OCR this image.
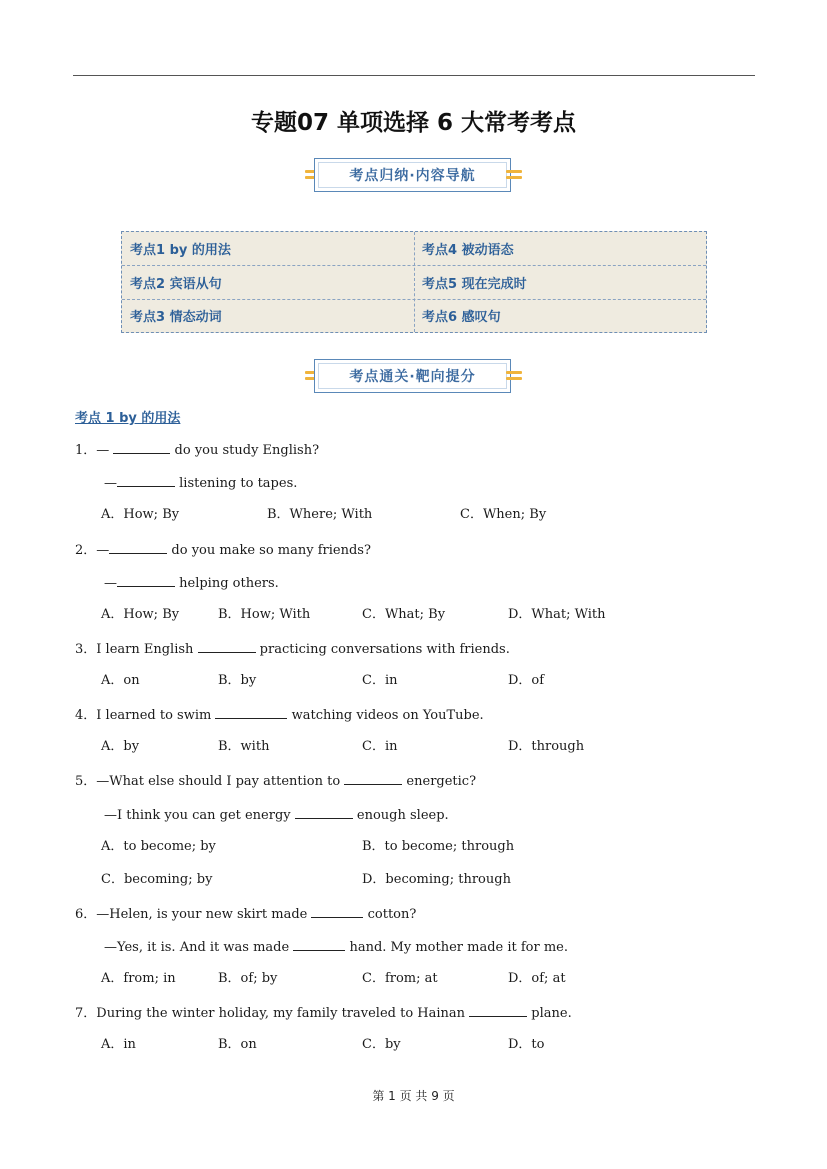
专题07 单项选择 6 大常考考点
考点归纳·内容导航
考点1 by 的用法	考点4 被动语态
考点2 宾语从句	考点5 现在完成时
考点3 情态动词	考点6 感叹句
考点通关·靶向提分
考点 1 by 的用法
1．—	do you study English?
—	listening to tapes.
A．How; By	B．Where; With	C．When; By
2．—	do you make so many friends?
—	helping others.
A．How; By	B．How; With	C．What; By	D．What; With
3．I learn English	practicing conversations with friends.
A．on	B．by	C．in	D．of
4．I learned to swim	watching videos on YouTube.
A．by	B．with	C．in	D．through
5．—What else should I pay attention to	energetic?
—I think you can get energy	enough sleep.
A．to become; by	B．to become; through
C．becoming; by	D．becoming; through
6．—Helen, is your new skirt made	cotton?
—Yes, it is. And it was made	hand. My mother made it for me.
A．from; in	B．of; by	C．from; at	D．of; at
7．During the winter holiday, my family traveled to Hainan	plane.
A．in	B．on	C．by	D．to
第 1 页 共 9 页
